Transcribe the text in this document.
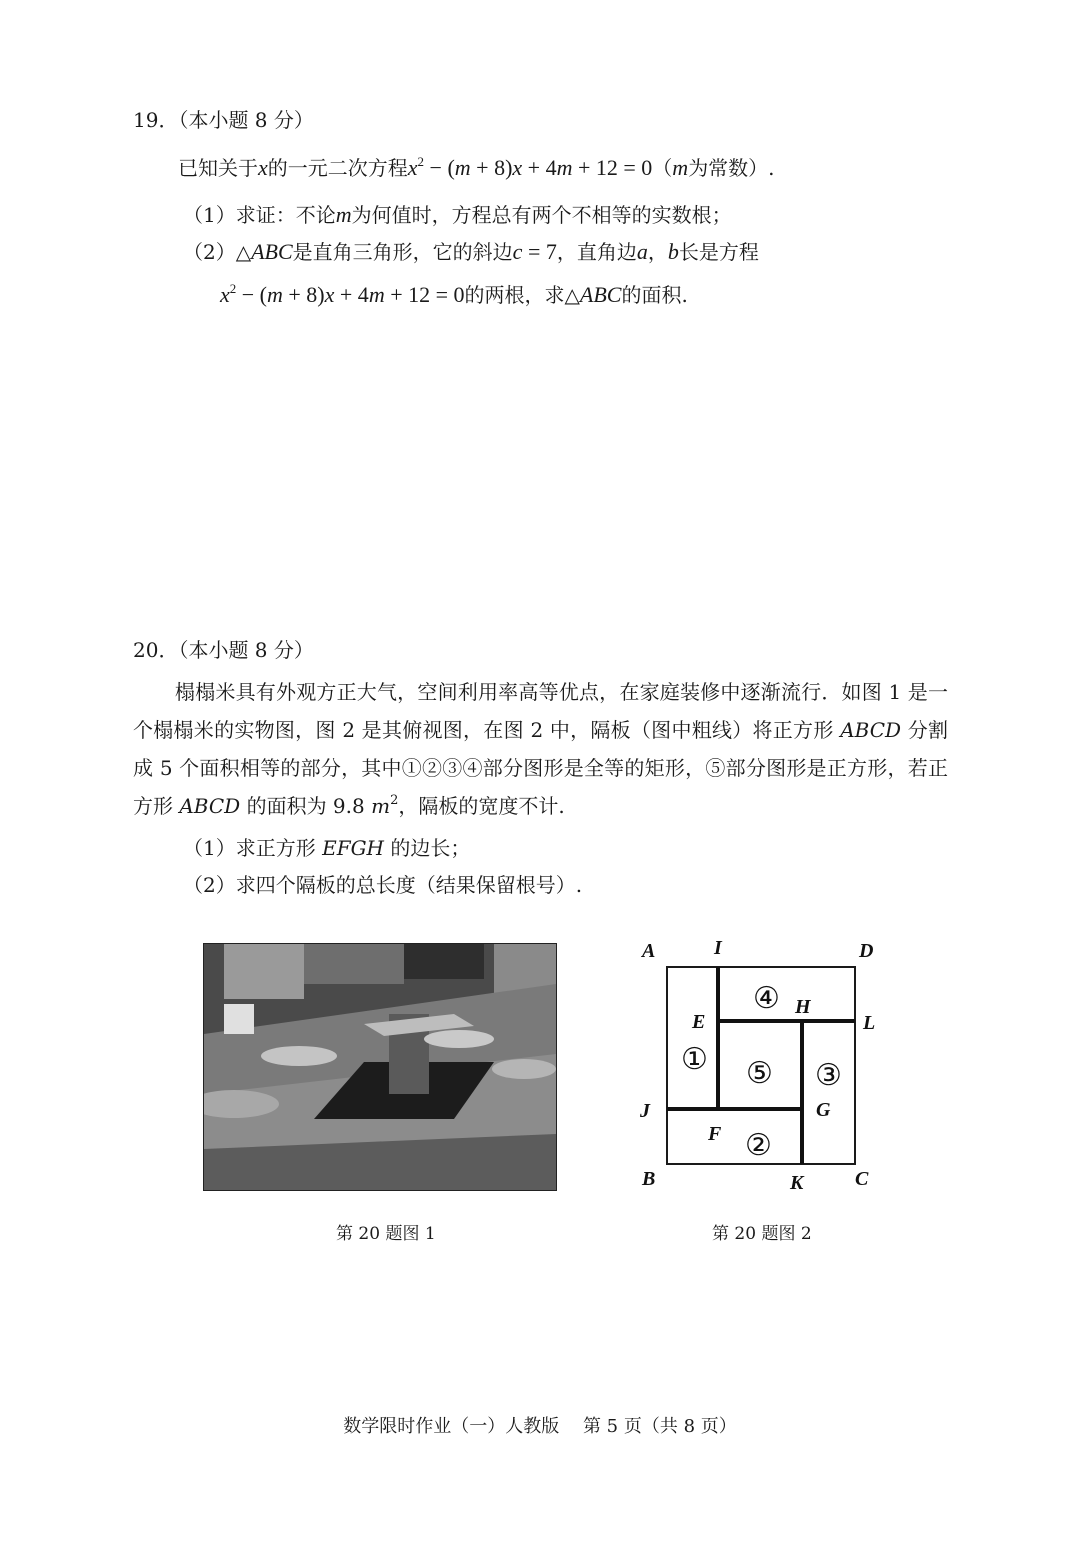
19．（本小题 8 分）
已知关于x的一元二次方程$x^2 - (m + 8)x + 4m + 12 = 0(m$为常数）.
（1）求证：不论m为何值时，方程总有两个不相等的实数根；
（2）△ABC是直角三角形，它的斜边c = 7，直角边a，b长是方程
$x^2 - (m + 8)x + 4m + 12 = 0$的两根，求△ABC的面积.
20．（本小题 8 分）
榻榻米具有外观方正大气，空间利用率高等优点，在家庭装修中逐渐流行．如图 1 是一个榻榻米的实物图，图 2 是其俯视图，在图 2 中，隔板（图中粗线）将正方形 ABCD 分割成 5 个面积相等的部分，其中①②③④部分图形是全等的矩形，⑤部分图形是正方形，若正方形 ABCD 的面积为 9.8 $m^2$，隔板的宽度不计.
（1）求正方形 EFGH 的边长；
（2）求四个隔板的总长度（结果保留根号）.
第 20 题图 1
A	I	D
E
H
L
J	G
F
B	K	C
①
②
③
④
⑤
第 20 题图 2
数学限时作业（一）人教版　 第 5 页（共 8 页）
